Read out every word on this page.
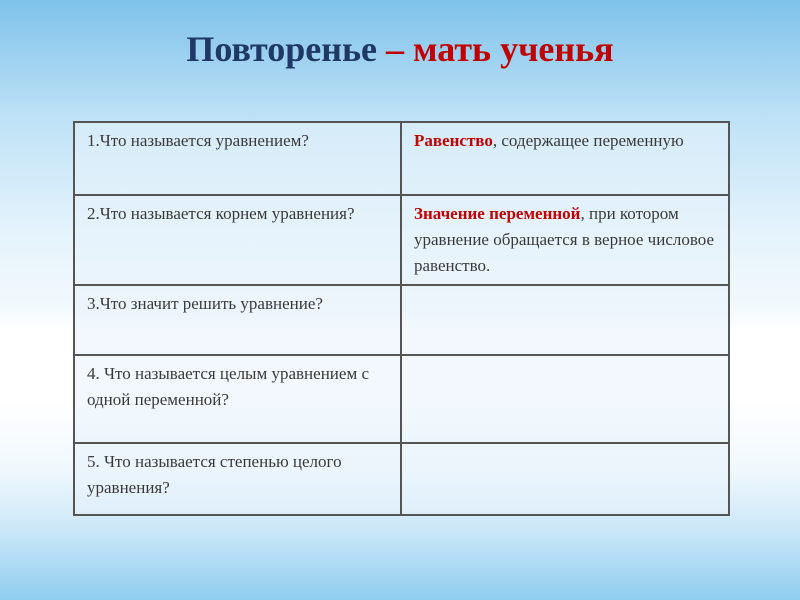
Повторенье – мать ученья
1.Что называется уравнением?	Равенство, содержащее переменную
2.Что называется корнем уравнения?	Значение переменной, при котором уравнение обращается в верное числовое равенство.
3.Что значит решить уравнение?	
4. Что называется целым уравнением с одной переменной?	
5. Что называется степенью целого уравнения?	
